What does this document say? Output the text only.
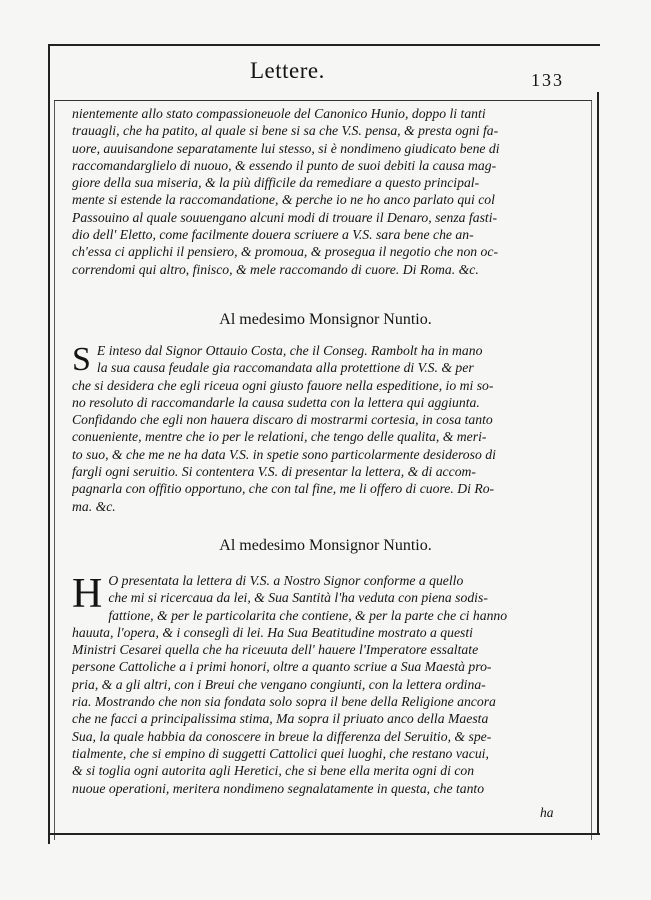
Lettere.	133
nientemente allo stato compassioneuole del Canonico Hunio, doppo li tanti
trauagli, che ha patito, al quale si bene si sa che V.S. pensa, & presta ogni fa-
uore, auuisandone separatamente lui stesso, si è nondimeno giudicato bene di
raccomandarglielo di nuouo, & essendo il punto de suoi debiti la causa mag-
giore della sua miseria, & la più difficile da remediare a questo principal-
mente si estende la raccomandatione, & perche io ne ho anco parlato qui col
Passouino al quale souuengano alcuni modi di trouare il Denaro, senza fasti-
dio dell' Eletto, come facilmente douera scriuere a V.S. sara bene che an-
ch'essa ci applichi il pensiero, & promoua, & prosegua il negotio che non oc-
correndomi qui altro, finisco, & mele raccomando di cuore. Di Roma. &c.
Al medesimo Monsignor Nuntio.
S E inteso dal Signor Ottauio Costa, che il Conseg. Rambolt ha in mano
la sua causa feudale gia raccomandata alla protettione di V.S. & per
che si desidera che egli riceua ogni giusto fauore nella espeditione, io mi so-
no resoluto di raccomandarle la causa sudetta con la lettera qui aggiunta.
Confidando che egli non hauera discaro di mostrarmi cortesia, in cosa tanto
conueniente, mentre che io per le relationi, che tengo delle qualita, & meri-
to suo, & che me ne ha data V.S. in spetie sono particolarmente desideroso di
fargli ogni seruitio. Si contentera V.S. di presentar la lettera, & di accom-
pagnarla con offitio opportuno, che con tal fine, me li offero di cuore. Di Ro-
ma. &c.
Al medesimo Monsignor Nuntio.
H O presentata la lettera di V.S. a Nostro Signor conforme a quello
che mi si ricercaua da lei, & Sua Santità l'ha veduta con piena sodis-
fattione, & per le particolarita che contiene, & per la parte che ci hanno
hauuta, l'opera, & i conseglì di lei. Ha Sua Beatitudine mostrato a questi
Ministri Cesarei quella che ha riceuuta dell' hauere l'Imperatore essaltate
persone Cattoliche a i primi honori, oltre a quanto scriue a Sua Maestà pro-
pria, & a gli altri, con i Breui che vengano congiunti, con la lettera ordina-
ria. Mostrando che non sia fondata solo sopra il bene della Religione ancora
che ne facci a principalissima stima, Ma sopra il priuato anco della Maesta
Sua, la quale habbia da conoscere in breue la differenza del Seruitio, & spe-
tialmente, che si empino di suggetti Cattolici quei luoghi, che restano vacui,
& si toglia ogni autorita agli Heretici, che si bene ella merita ogni di con
nuoue operationi, meritera nondimeno segnalatamente in questa, che tanto
ha
